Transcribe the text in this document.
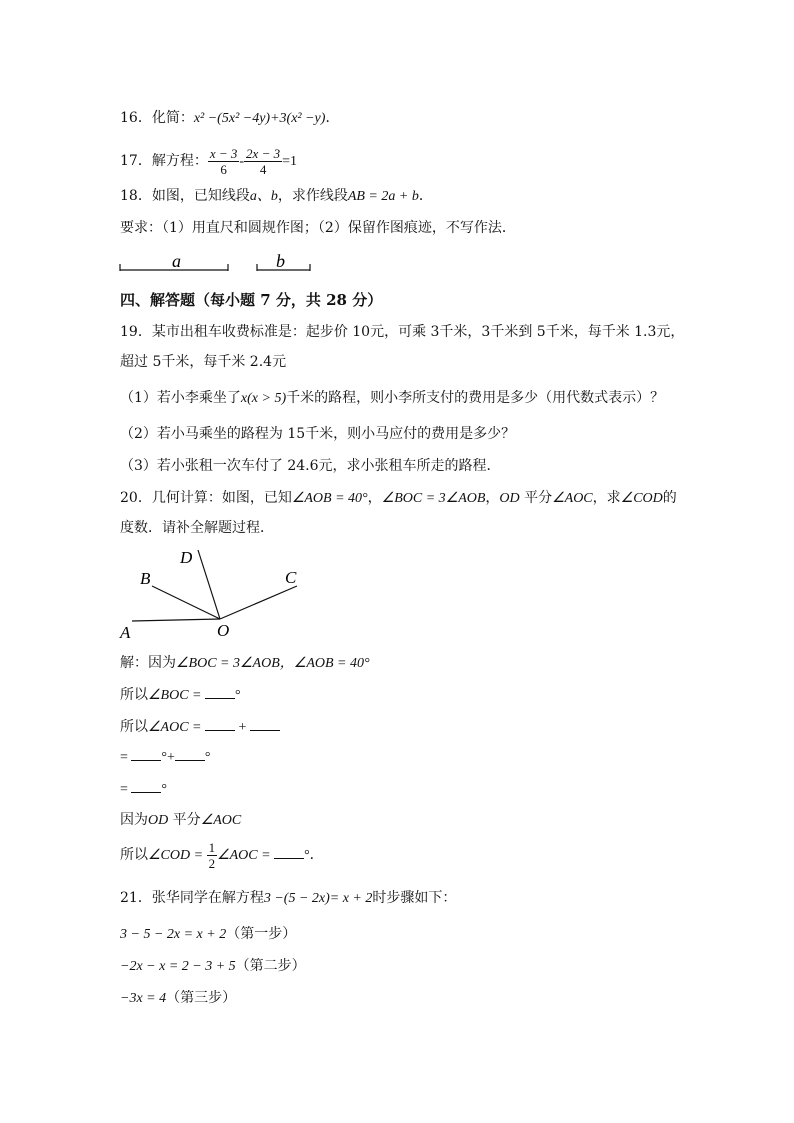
16．化简：x² −(5x² −4y)+3(x² −y)．
17．解方程： $\frac{x - 3}{6} - \frac{2x - 3}{4} =1$
18．如图，已知线段a、b，求作线段AB = 2a + b．
要求：（1）用直尺和圆规作图；（2）保留作图痕迹，不写作法．
a	b
D
B	C
A	O
四、解答题（每小题 7 分，共 28 分）
19．某市出租车收费标准是：起步价 10元，可乘 3千米，3千米到 5千米，每千米 1.3元，
超过 5千米，每千米 2.4元
（1）若小李乘坐了x(x > 5)千米的路程，则小李所支付的费用是多少（用代数式表示）？
（2）若小马乘坐的路程为 15千米，则小马应付的费用是多少？
（3）若小张租一次车付了 24.6元，求小张租车所走的路程．
20．几何计算：如图，已知∠AOB = 40°，∠BOC = 3∠AOB，OD 平分∠AOC，求∠COD的
度数．请补全解题过程．
解：因为∠BOC = 3∠AOB，∠AOB = 40°
所以∠BOC = °
所以∠AOC =  +
= °+ °
= °
因为OD 平分∠AOC
所以∠COD = $\frac{1}{2}$ ∠AOC = °．
21．张华同学在解方程3 −(5 − 2x)= x + 2时步骤如下：
3 − 5 − 2x = x + 2（第一步）
−2x − x = 2 − 3 + 5（第二步）
−3x = 4（第三步）
